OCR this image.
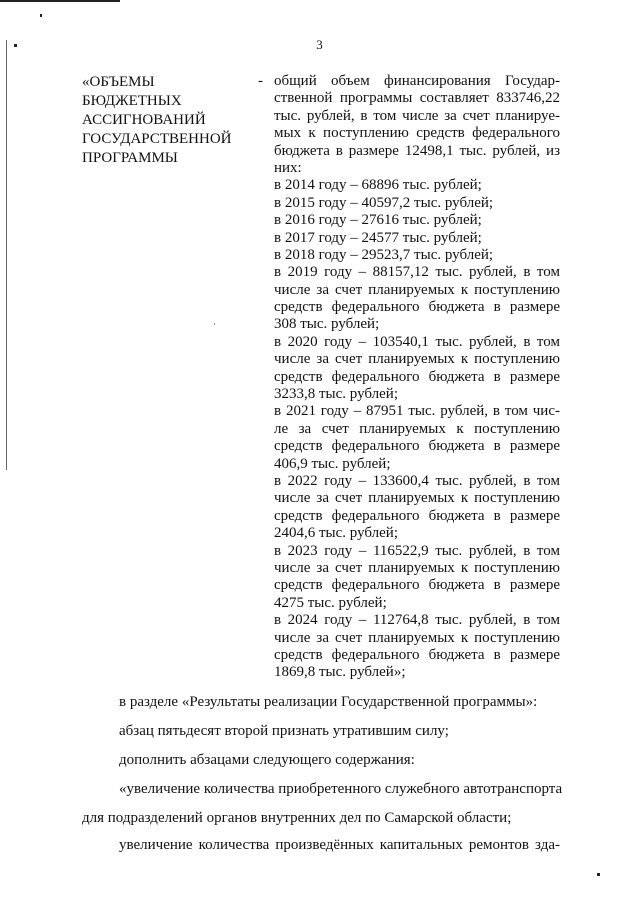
3
«ОБЪЕМЫ
БЮДЖЕТНЫХ
АССИГНОВАНИЙ
ГОСУДАРСТВЕННОЙ
ПРОГРАММЫ
- общий объем финансирования Государ-
ственной программы составляет 833746,22
тыс. рублей, в том числе за счет планируе-
мых к поступлению средств федерального
бюджета в размере 12498,1 тыс. рублей, из
них:
в 2014 году – 68896 тыс. рублей;
в 2015 году – 40597,2 тыс. рублей;
в 2016 году – 27616 тыс. рублей;
в 2017 году – 24577 тыс. рублей;
в 2018 году – 29523,7 тыс. рублей;
в 2019 году – 88157,12 тыс. рублей, в том
числе за счет планируемых к поступлению
средств федерального бюджета в размере
308 тыс. рублей;
в 2020 году – 103540,1 тыс. рублей, в том
числе за счет планируемых к поступлению
средств федерального бюджета в размере
3233,8 тыс. рублей;
в 2021 году – 87951 тыс. рублей, в том чис-
ле за счет планируемых к поступлению
средств федерального бюджета в размере
406,9 тыс. рублей;
в 2022 году – 133600,4 тыс. рублей, в том
числе за счет планируемых к поступлению
средств федерального бюджета в размере
2404,6 тыс. рублей;
в 2023 году – 116522,9 тыс. рублей, в том
числе за счет планируемых к поступлению
средств федерального бюджета в размере
4275 тыс. рублей;
в 2024 году – 112764,8 тыс. рублей, в том
числе за счет планируемых к поступлению
средств федерального бюджета в размере
1869,8 тыс. рублей»;
в разделе «Результаты реализации Государственной программы»:
абзац пятьдесят второй признать утратившим силу;
дополнить абзацами следующего содержания:
«увеличение количества приобретенного служебного автотранспорта
для подразделений органов внутренних дел по Самарской области;
увеличение количества произведённых капитальных ремонтов зда-
